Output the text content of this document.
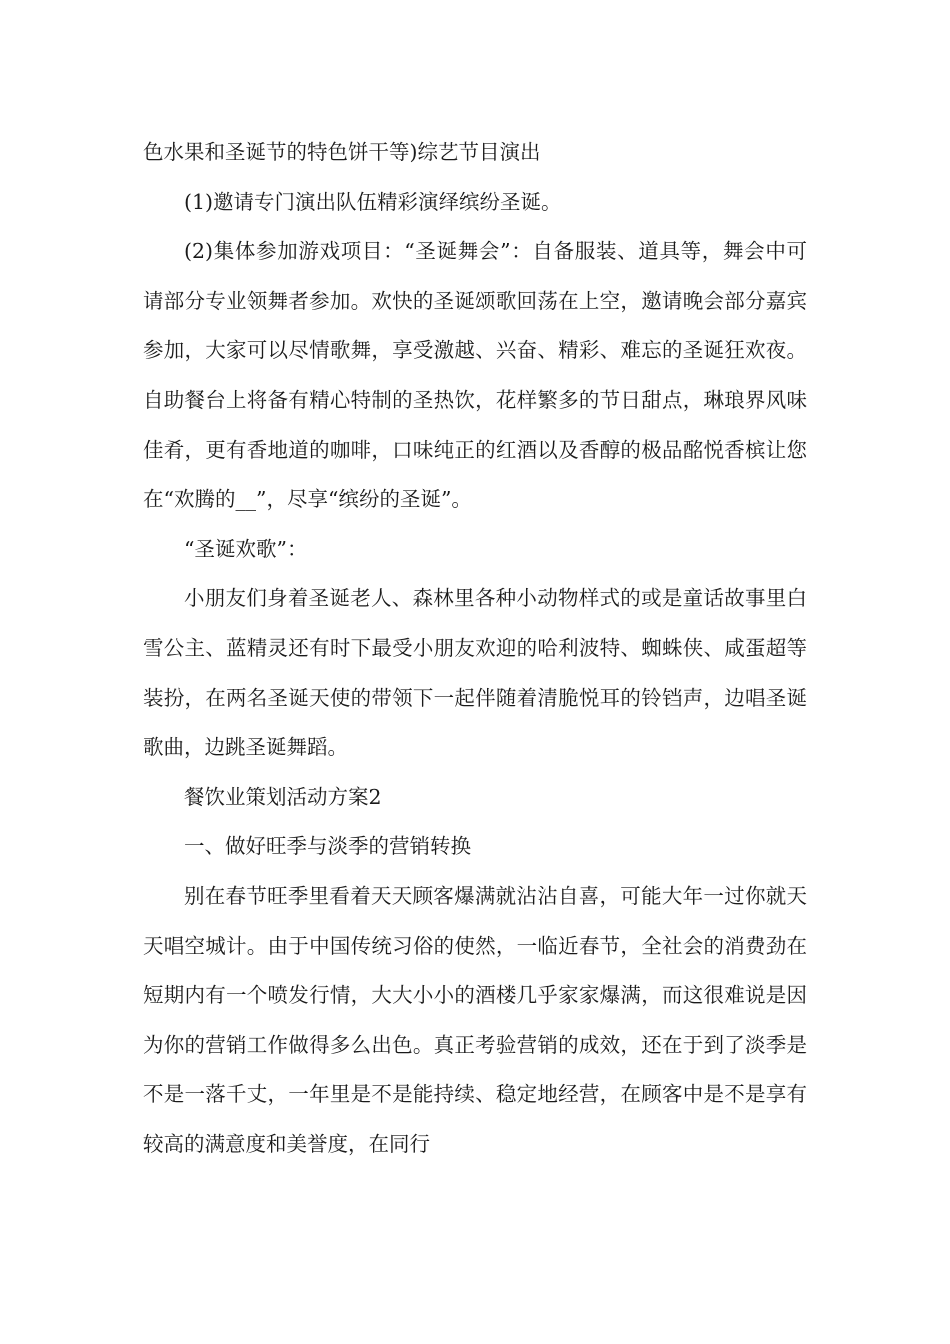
色水果和圣诞节的特色饼干等)综艺节目演出

(1)邀请专门演出队伍精彩演绎缤纷圣诞。

(2)集体参加游戏项目：“圣诞舞会”：自备服装、道具等，舞会中可请部分专业领舞者参加。欢快的圣诞颂歌回荡在上空，邀请晚会部分嘉宾参加，大家可以尽情歌舞，享受激越、兴奋、精彩、难忘的圣诞狂欢夜。自助餐台上将备有精心特制的圣热饮，花样繁多的节日甜点，琳琅界风味佳肴，更有香地道的咖啡，口味纯正的红酒以及香醇的极品酩悦香槟让您在“欢腾的__”，尽享“缤纷的圣诞”。

“圣诞欢歌”：

小朋友们身着圣诞老人、森林里各种小动物样式的或是童话故事里白雪公主、蓝精灵还有时下最受小朋友欢迎的哈利波特、蜘蛛侠、咸蛋超等装扮，在两名圣诞天使的带领下一起伴随着清脆悦耳的铃铛声，边唱圣诞歌曲，边跳圣诞舞蹈。

餐饮业策划活动方案2

一、做好旺季与淡季的营销转换

别在春节旺季里看着天天顾客爆满就沾沾自喜，可能大年一过你就天天唱空城计。由于中国传统习俗的使然，一临近春节，全社会的消费劲在短期内有一个喷发行情，大大小小的酒楼几乎家家爆满，而这很难说是因为你的营销工作做得多么出色。真正考验营销的成效，还在于到了淡季是不是一落千丈，一年里是不是能持续、稳定地经营，在顾客中是不是享有较高的满意度和美誉度，在同行
